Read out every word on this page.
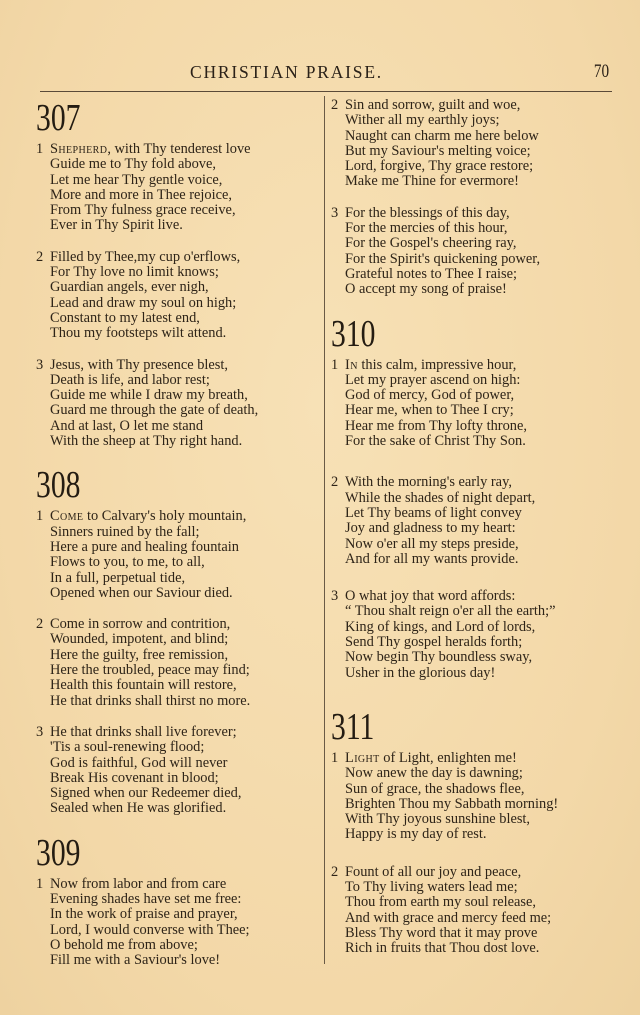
CHRISTIAN PRAISE.	70
307
1 Shepherd, with Thy tenderest love
Guide me to Thy fold above,
Let me hear Thy gentle voice,
More and more in Thee rejoice,
From Thy fulness grace receive,
Ever in Thy Spirit live.
2 Filled by Thee,my cup o'erflows,
For Thy love no limit knows;
Guardian angels, ever nigh,
Lead and draw my soul on high;
Constant to my latest end,
Thou my footsteps wilt attend.
3 Jesus, with Thy presence blest,
Death is life, and labor rest;
Guide me while I draw my breath,
Guard me through the gate of death,
And at last, O let me stand
With the sheep at Thy right hand.
308
1 Come to Calvary's holy mountain,
Sinners ruined by the fall;
Here a pure and healing fountain
Flows to you, to me, to all,
In a full, perpetual tide,
Opened when our Saviour died.
2 Come in sorrow and contrition,
Wounded, impotent, and blind;
Here the guilty, free remission,
Here the troubled, peace may find;
Health this fountain will restore,
He that drinks shall thirst no more.
3 He that drinks shall live forever;
'Tis a soul-renewing flood;
God is faithful, God will never
Break His covenant in blood;
Signed when our Redeemer died,
Sealed when He was glorified.
309
1 Now from labor and from care
Evening shades have set me free:
In the work of praise and prayer,
Lord, I would converse with Thee;
O behold me from above;
Fill me with a Saviour's love!
2 Sin and sorrow, guilt and woe,
Wither all my earthly joys;
Naught can charm me here below
But my Saviour's melting voice;
Lord, forgive, Thy grace restore;
Make me Thine for evermore!
3 For the blessings of this day,
For the mercies of this hour,
For the Gospel's cheering ray,
For the Spirit's quickening power,
Grateful notes to Thee I raise;
O accept my song of praise!
310
1 In this calm, impressive hour,
Let my prayer ascend on high:
God of mercy, God of power,
Hear me, when to Thee I cry;
Hear me from Thy lofty throne,
For the sake of Christ Thy Son.
2 With the morning's early ray,
While the shades of night depart,
Let Thy beams of light convey
Joy and gladness to my heart:
Now o'er all my steps preside,
And for all my wants provide.
3 O what joy that word affords:
“ Thou shalt reign o'er all the earth;”
King of kings, and Lord of lords,
Send Thy gospel heralds forth;
Now begin Thy boundless sway,
Usher in the glorious day!
311
1 Light of Light, enlighten me!
Now anew the day is dawning;
Sun of grace, the shadows flee,
Brighten Thou my Sabbath morning!
With Thy joyous sunshine blest,
Happy is my day of rest.
2 Fount of all our joy and peace,
To Thy living waters lead me;
Thou from earth my soul release,
And with grace and mercy feed me;
Bless Thy word that it may prove
Rich in fruits that Thou dost love.
